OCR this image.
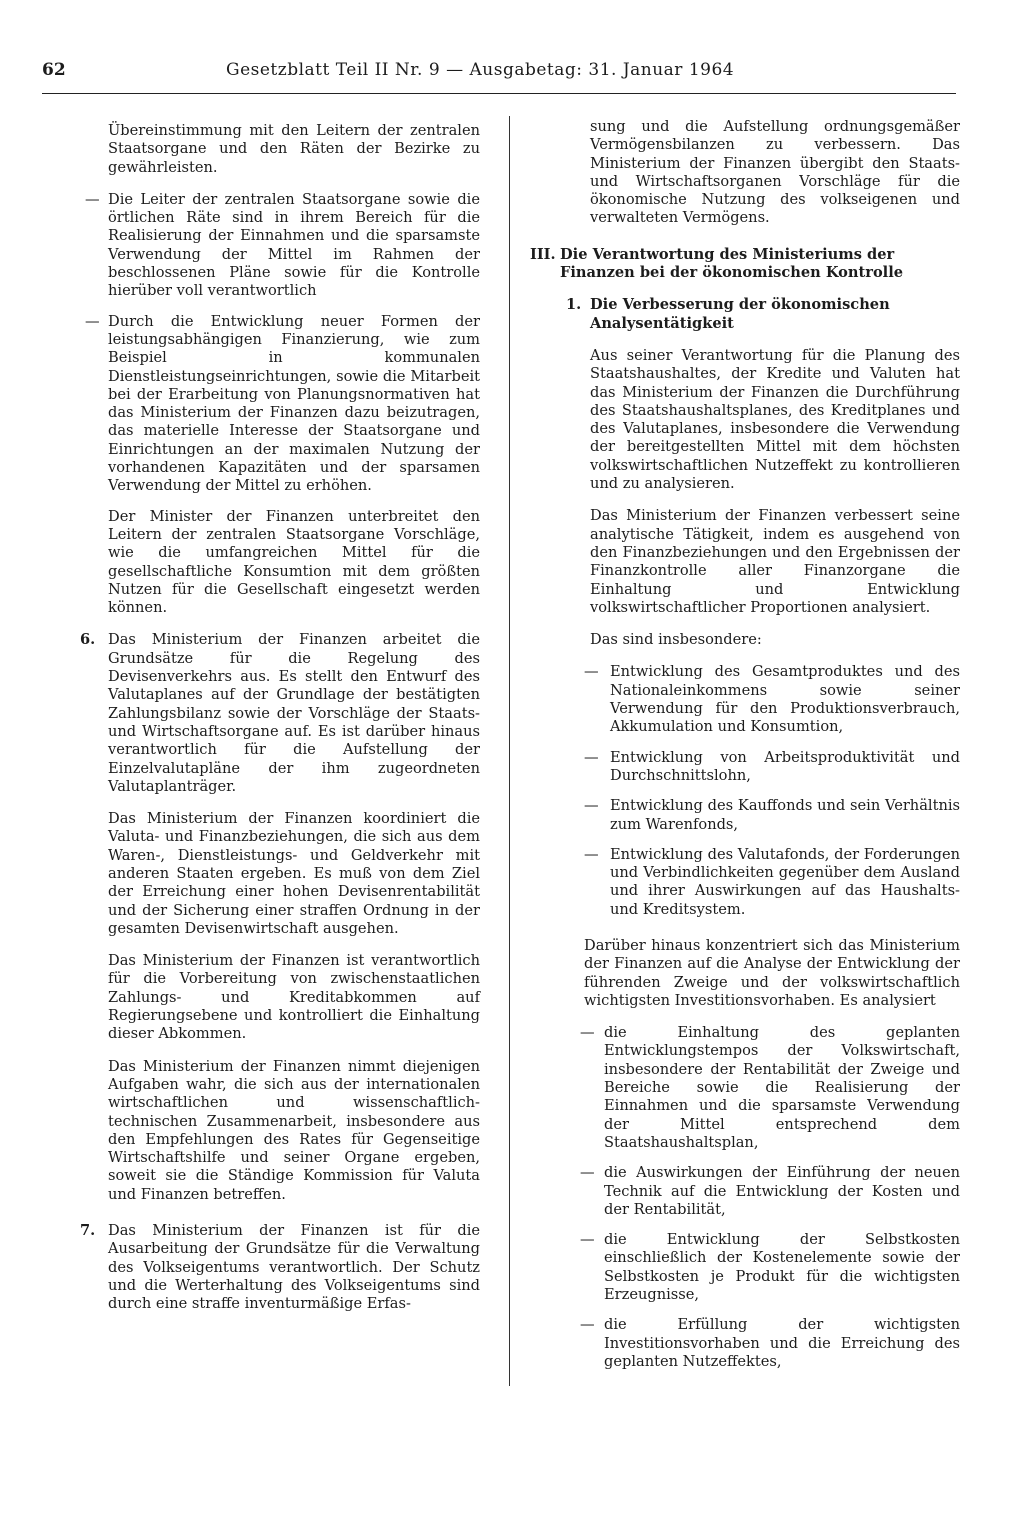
62	Gesetzblatt Teil II Nr. 9 — Ausgabetag: 31. Januar 1964

Übereinstimmung mit den Leitern der zentralen Staatsorgane und den Räten der Bezirke zu gewährleisten.

— Die Leiter der zentralen Staatsorgane sowie die örtlichen Räte sind in ihrem Bereich für die Realisierung der Einnahmen und die sparsamste Verwendung der Mittel im Rahmen der beschlossenen Pläne sowie für die Kontrolle hierüber voll verantwortlich

— Durch die Entwicklung neuer Formen der leistungsabhängigen Finanzierung, wie zum Beispiel in kommunalen Dienstleistungseinrichtungen, sowie die Mitarbeit bei der Erarbeitung von Planungsnormativen hat das Ministerium der Finanzen dazu beizutragen, das materielle Interesse der Staatsorgane und Einrichtungen an der maximalen Nutzung der vorhandenen Kapazitäten und der sparsamen Verwendung der Mittel zu erhöhen.

Der Minister der Finanzen unterbreitet den Leitern der zentralen Staatsorgane Vorschläge, wie die umfangreichen Mittel für die gesellschaftliche Konsumtion mit dem größten Nutzen für die Gesellschaft eingesetzt werden können.

6. Das Ministerium der Finanzen arbeitet die Grundsätze für die Regelung des Devisenverkehrs aus. Es stellt den Entwurf des Valutaplanes auf der Grundlage der bestätigten Zahlungsbilanz sowie der Vorschläge der Staats- und Wirtschaftsorgane auf. Es ist darüber hinaus verantwortlich für die Aufstellung der Einzelvalutapläne der ihm zugeordneten Valutaplanträger.

Das Ministerium der Finanzen koordiniert die Valuta- und Finanzbeziehungen, die sich aus dem Waren-, Dienstleistungs- und Geldverkehr mit anderen Staaten ergeben. Es muß von dem Ziel der Erreichung einer hohen Devisenrentabilität und der Sicherung einer straffen Ordnung in der gesamten Devisenwirtschaft ausgehen.

Das Ministerium der Finanzen ist verantwortlich für die Vorbereitung von zwischenstaatlichen Zahlungs- und Kreditabkommen auf Regierungsebene und kontrolliert die Einhaltung dieser Abkommen.

Das Ministerium der Finanzen nimmt diejenigen Aufgaben wahr, die sich aus der internationalen wirtschaftlichen und wissenschaftlich-technischen Zusammenarbeit, insbesondere aus den Empfehlungen des Rates für Gegenseitige Wirtschaftshilfe und seiner Organe ergeben, soweit sie die Ständige Kommission für Valuta und Finanzen betreffen.

7. Das Ministerium der Finanzen ist für die Ausarbeitung der Grundsätze für die Verwaltung des Volkseigentums verantwortlich. Der Schutz und die Werterhaltung des Volkseigentums sind durch eine straffe inventurmäßige Erfas-

sung und die Aufstellung ordnungsgemäßer Vermögensbilanzen zu verbessern. Das Ministerium der Finanzen übergibt den Staats- und Wirtschaftsorganen Vorschläge für die ökonomische Nutzung des volkseigenen und verwalteten Vermögens.

III. Die Verantwortung des Ministeriums der Finanzen bei der ökonomischen Kontrolle
1. Die Verbesserung der ökonomischen Analysentätigkeit

Aus seiner Verantwortung für die Planung des Staatshaushaltes, der Kredite und Valuten hat das Ministerium der Finanzen die Durchführung des Staatshaushaltsplanes, des Kreditplanes und des Valutaplanes, insbesondere die Verwendung der bereitgestellten Mittel mit dem höchsten volkswirtschaftlichen Nutzeffekt zu kontrollieren und zu analysieren.

Das Ministerium der Finanzen verbessert seine analytische Tätigkeit, indem es ausgehend von den Finanzbeziehungen und den Ergebnissen der Finanzkontrolle aller Finanzorgane die Einhaltung und Entwicklung volkswirtschaftlicher Proportionen analysiert.

Das sind insbesondere:

— Entwicklung des Gesamtproduktes und des Nationaleinkommens sowie seiner Verwendung für den Produktionsverbrauch, Akkumulation und Konsumtion,

— Entwicklung von Arbeitsproduktivität und Durchschnittslohn,

— Entwicklung des Kauffonds und sein Verhältnis zum Warenfonds,

— Entwicklung des Valutafonds, der Forderungen und Verbindlichkeiten gegenüber dem Ausland und ihrer Auswirkungen auf das Haushalts- und Kreditsystem.

Darüber hinaus konzentriert sich das Ministerium der Finanzen auf die Analyse der Entwicklung der führenden Zweige und der volkswirtschaftlich wichtigsten Investitionsvorhaben. Es analysiert

— die Einhaltung des geplanten Entwicklungstempos der Volkswirtschaft, insbesondere der Rentabilität der Zweige und Bereiche sowie die Realisierung der Einnahmen und die sparsamste Verwendung der Mittel entsprechend dem Staatshaushaltsplan,

— die Auswirkungen der Einführung der neuen Technik auf die Entwicklung der Kosten und der Rentabilität,

— die Entwicklung der Selbstkosten einschließlich der Kostenelemente sowie der Selbstkosten je Produkt für die wichtigsten Erzeugnisse,

— die Erfüllung der wichtigsten Investitionsvorhaben und die Erreichung des geplanten Nutzeffektes,
